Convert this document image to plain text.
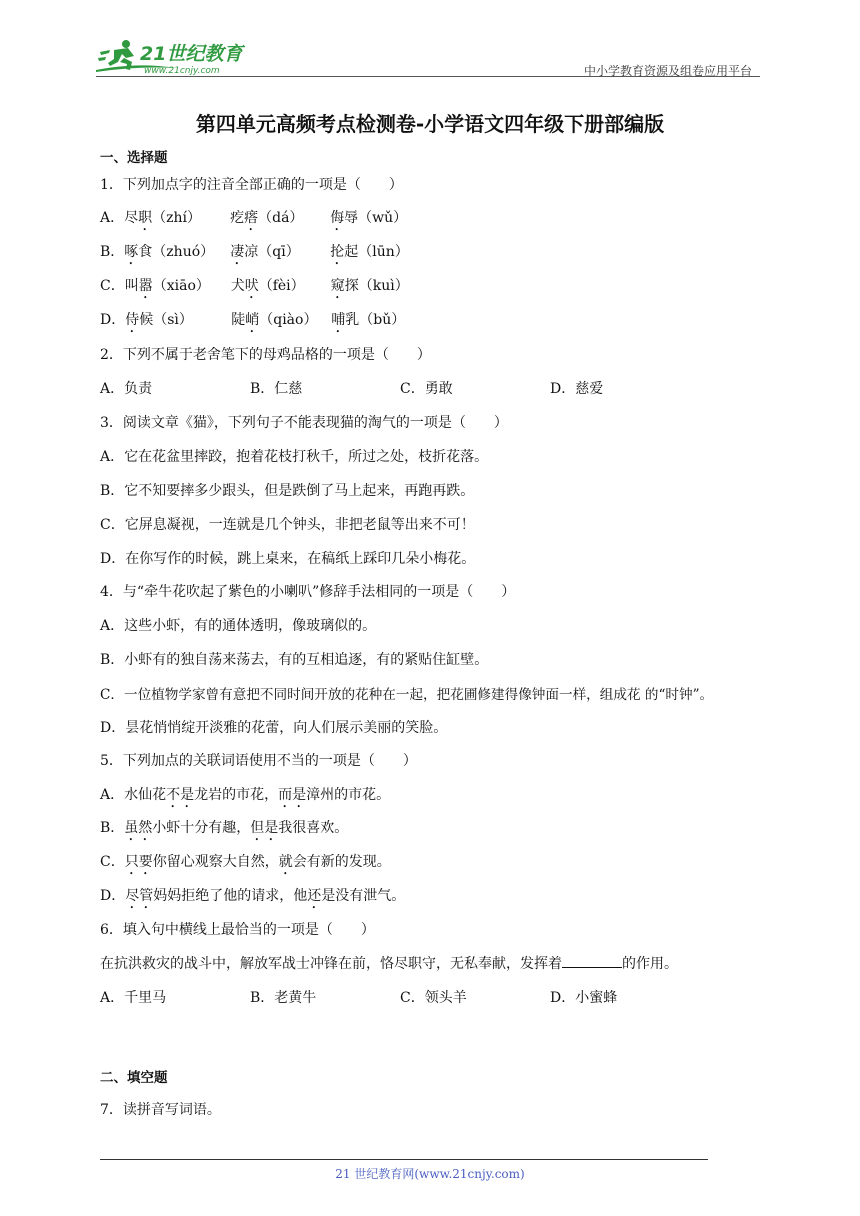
21世纪教育
www.21cnjy.com	中小学教育资源及组卷应用平台
第四单元高频考点检测卷-小学语文四年级下册部编版
一、选择题
1．下列加点字的注音全部正确的一项是（　　）
A．尽职（zhí） 疙瘩（dá） 侮辱（wǔ）
B．啄食（zhuó） 凄凉（qī） 抡起（lūn）
C．叫嚣（xiāo） 犬吠（fèi） 窥探（kuì）
D．侍候（sì）	陡峭（qiào） 哺乳（bǔ）
2．下列不属于老舍笔下的母鸡品格的一项是（　　）
A．负责	B．仁慈	C．勇敢	D．慈爱
3．阅读文章《猫》，下列句子不能表现猫的淘气的一项是（　　）
A．它在花盆里摔跤，抱着花枝打秋千，所过之处，枝折花落。
B．它不知要摔多少跟头，但是跌倒了马上起来，再跑再跌。
C．它屏息凝视，一连就是几个钟头，非把老鼠等出来不可！
D．在你写作的时候，跳上桌来，在稿纸上踩印几朵小梅花。
4．与“牵牛花吹起了紫色的小喇叭”修辞手法相同的一项是（　　）
A．这些小虾，有的通体透明，像玻璃似的。
B．小虾有的独自荡来荡去，有的互相追逐，有的紧贴住缸壁。
C．一位植物学家曾有意把不同时间开放的花种在一起，把花圃修建得像钟面一样，组成花 的“时钟”。
D．昙花悄悄绽开淡雅的花蕾，向人们展示美丽的笑脸。
5．下列加点的关联词语使用不当的一项是（　　）
A．水仙花不是龙岩的市花，而是漳州的市花。
B．虽然小虾十分有趣，但是我很喜欢。
C．只要你留心观察大自然，就会有新的发现。
D．尽管妈妈拒绝了他的请求，他还是没有泄气。
6．填入句中横线上最恰当的一项是（　　）
在抗洪救灾的战斗中，解放军战士冲锋在前，恪尽职守，无私奉献，发挥着	的作用。
A．千里马	B．老黄牛	C．领头羊	D．小蜜蜂
二、填空题
7．读拼音写词语。
21 世纪教育网(www.21cnjy.com)
